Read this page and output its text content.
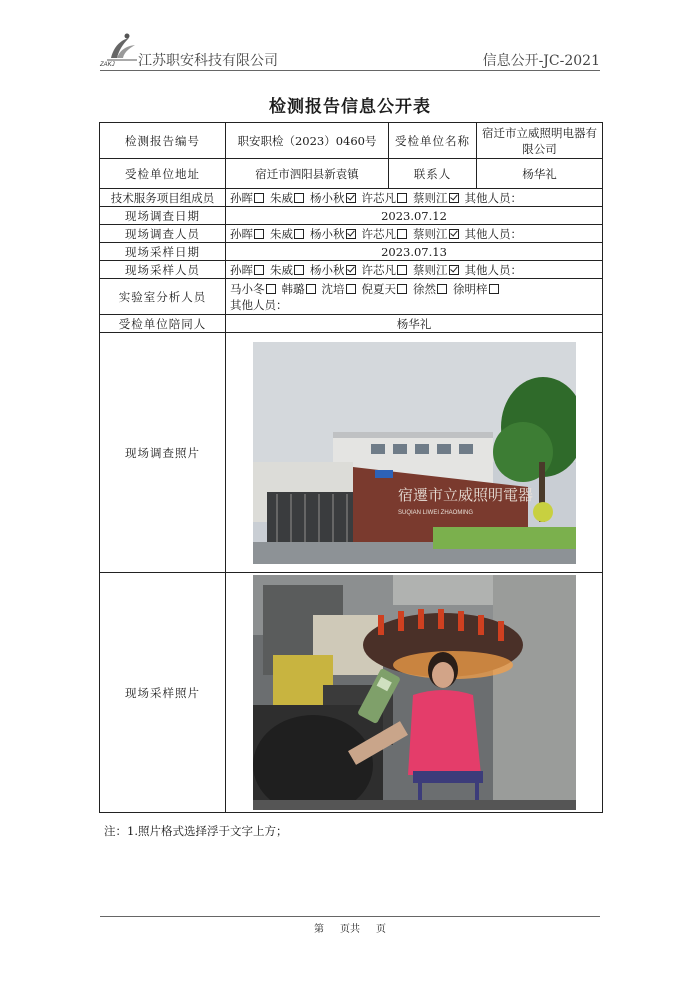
ZAKJ 江苏职安科技有限公司	信息公开-JC-2021
检测报告信息公开表
检测报告编号	职安职检（2023）0460号	受检单位名称	宿迁市立威照明电器有限公司
受检单位地址	宿迁市泗阳县新袁镇	联系人	杨华礼
技术服务项目组成员	孙晖 朱威 杨小秋 许芯凡 蔡则江 其他人员：		
现场调查日期	2023.07.12		
现场调查人员	孙晖 朱威 杨小秋 许芯凡 蔡则江 其他人员：		
现场采样日期	2023.07.13		
现场采样人员	孙晖 朱威 杨小秋 许芯凡 蔡则江 其他人员：		
实验室分析人员	马小冬 韩璐 沈培 倪夏天 徐然 徐明梓
其他人员：		

受检单位陪同人	杨华礼		
现场调查照片	宿遷市立威照明電器
SUQIAN LIWEI ZHAOMING		

现场采样照片	
注：1.照片格式选择浮于文字上方；
第 页共 页
